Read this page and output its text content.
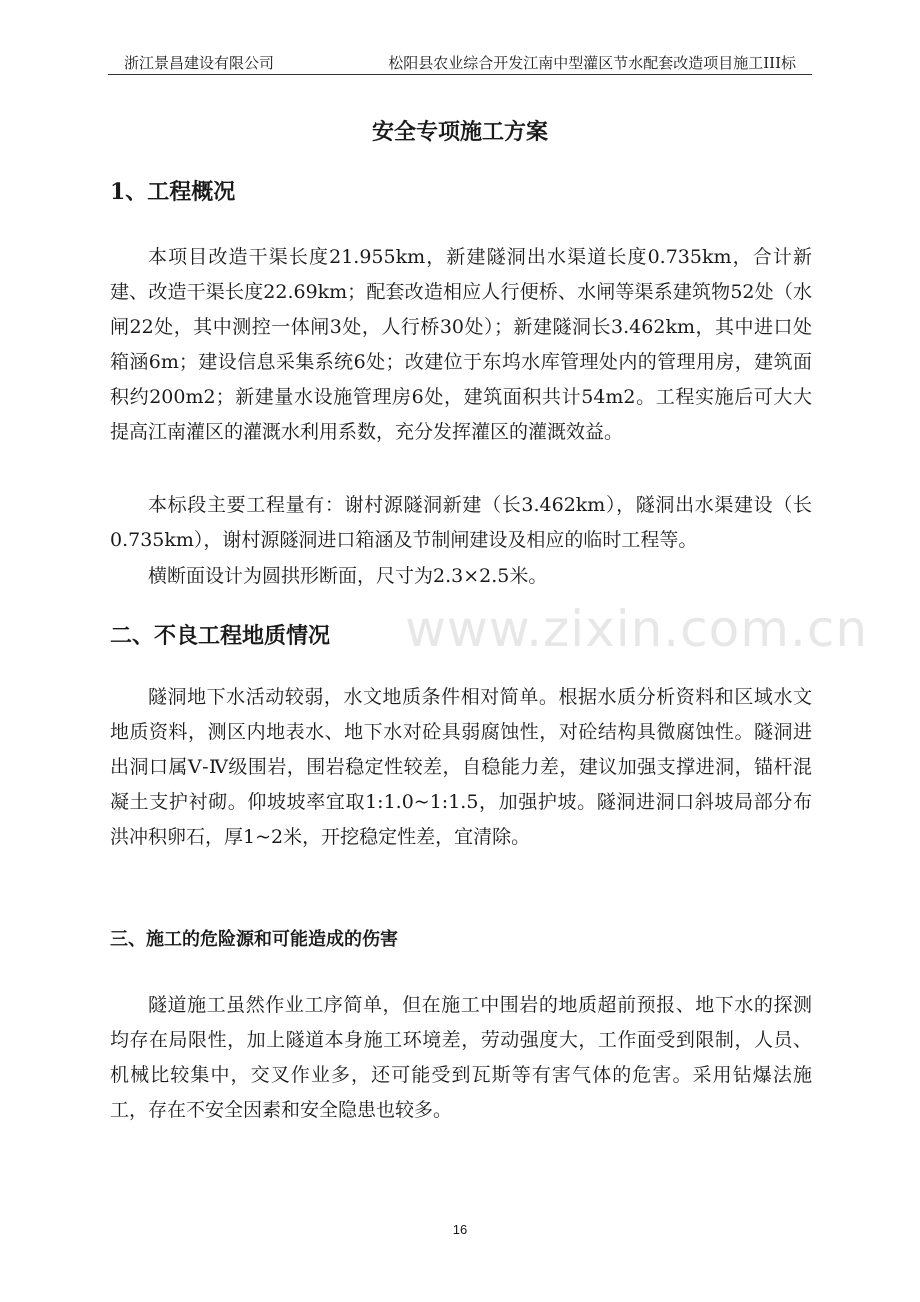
浙江景昌建设有限公司	松阳县农业综合开发江南中型灌区节水配套改造项目施工III标
安全专项施工方案
1、工程概况

本项目改造干渠长度21.955km，新建隧洞出水渠道长度0.735km，合计新建、改造干渠长度22.69km；配套改造相应人行便桥、水闸等渠系建筑物52处（水闸22处，其中测控一体闸3处，人行桥30处）；新建隧洞长3.462km，其中进口处箱涵6m；建设信息采集系统6处；改建位于东坞水库管理处内的管理用房，建筑面积约200m2；新建量水设施管理房6处，建筑面积共计54m2。工程实施后可大大提高江南灌区的灌溉水利用系数，充分发挥灌区的灌溉效益。

本标段主要工程量有：谢村源隧洞新建（长3.462km），隧洞出水渠建设（长0.735km），谢村源隧洞进口箱涵及节制闸建设及相应的临时工程等。

横断面设计为圆拱形断面，尺寸为2.3×2.5米。

www.zixin.com.cn
二、不良工程地质情况

隧洞地下水活动较弱，水文地质条件相对简单。根据水质分析资料和区域水文地质资料，测区内地表水、地下水对砼具弱腐蚀性，对砼结构具微腐蚀性。隧洞进出洞口属Ⅴ-Ⅳ级围岩，围岩稳定性较差，自稳能力差，建议加强支撑进洞，锚杆混凝土支护衬砌。仰坡坡率宜取1:1.0~1:1.5，加强护坡。隧洞进洞口斜坡局部分布洪冲积卵石，厚1~2米，开挖稳定性差，宜清除。

三、施工的危险源和可能造成的伤害

隧道施工虽然作业工序简单，但在施工中围岩的地质超前预报、地下水的探测均存在局限性，加上隧道本身施工环境差，劳动强度大，工作面受到限制，人员、机械比较集中，交叉作业多，还可能受到瓦斯等有害气体的危害。采用钻爆法施工，存在不安全因素和安全隐患也较多。

16
